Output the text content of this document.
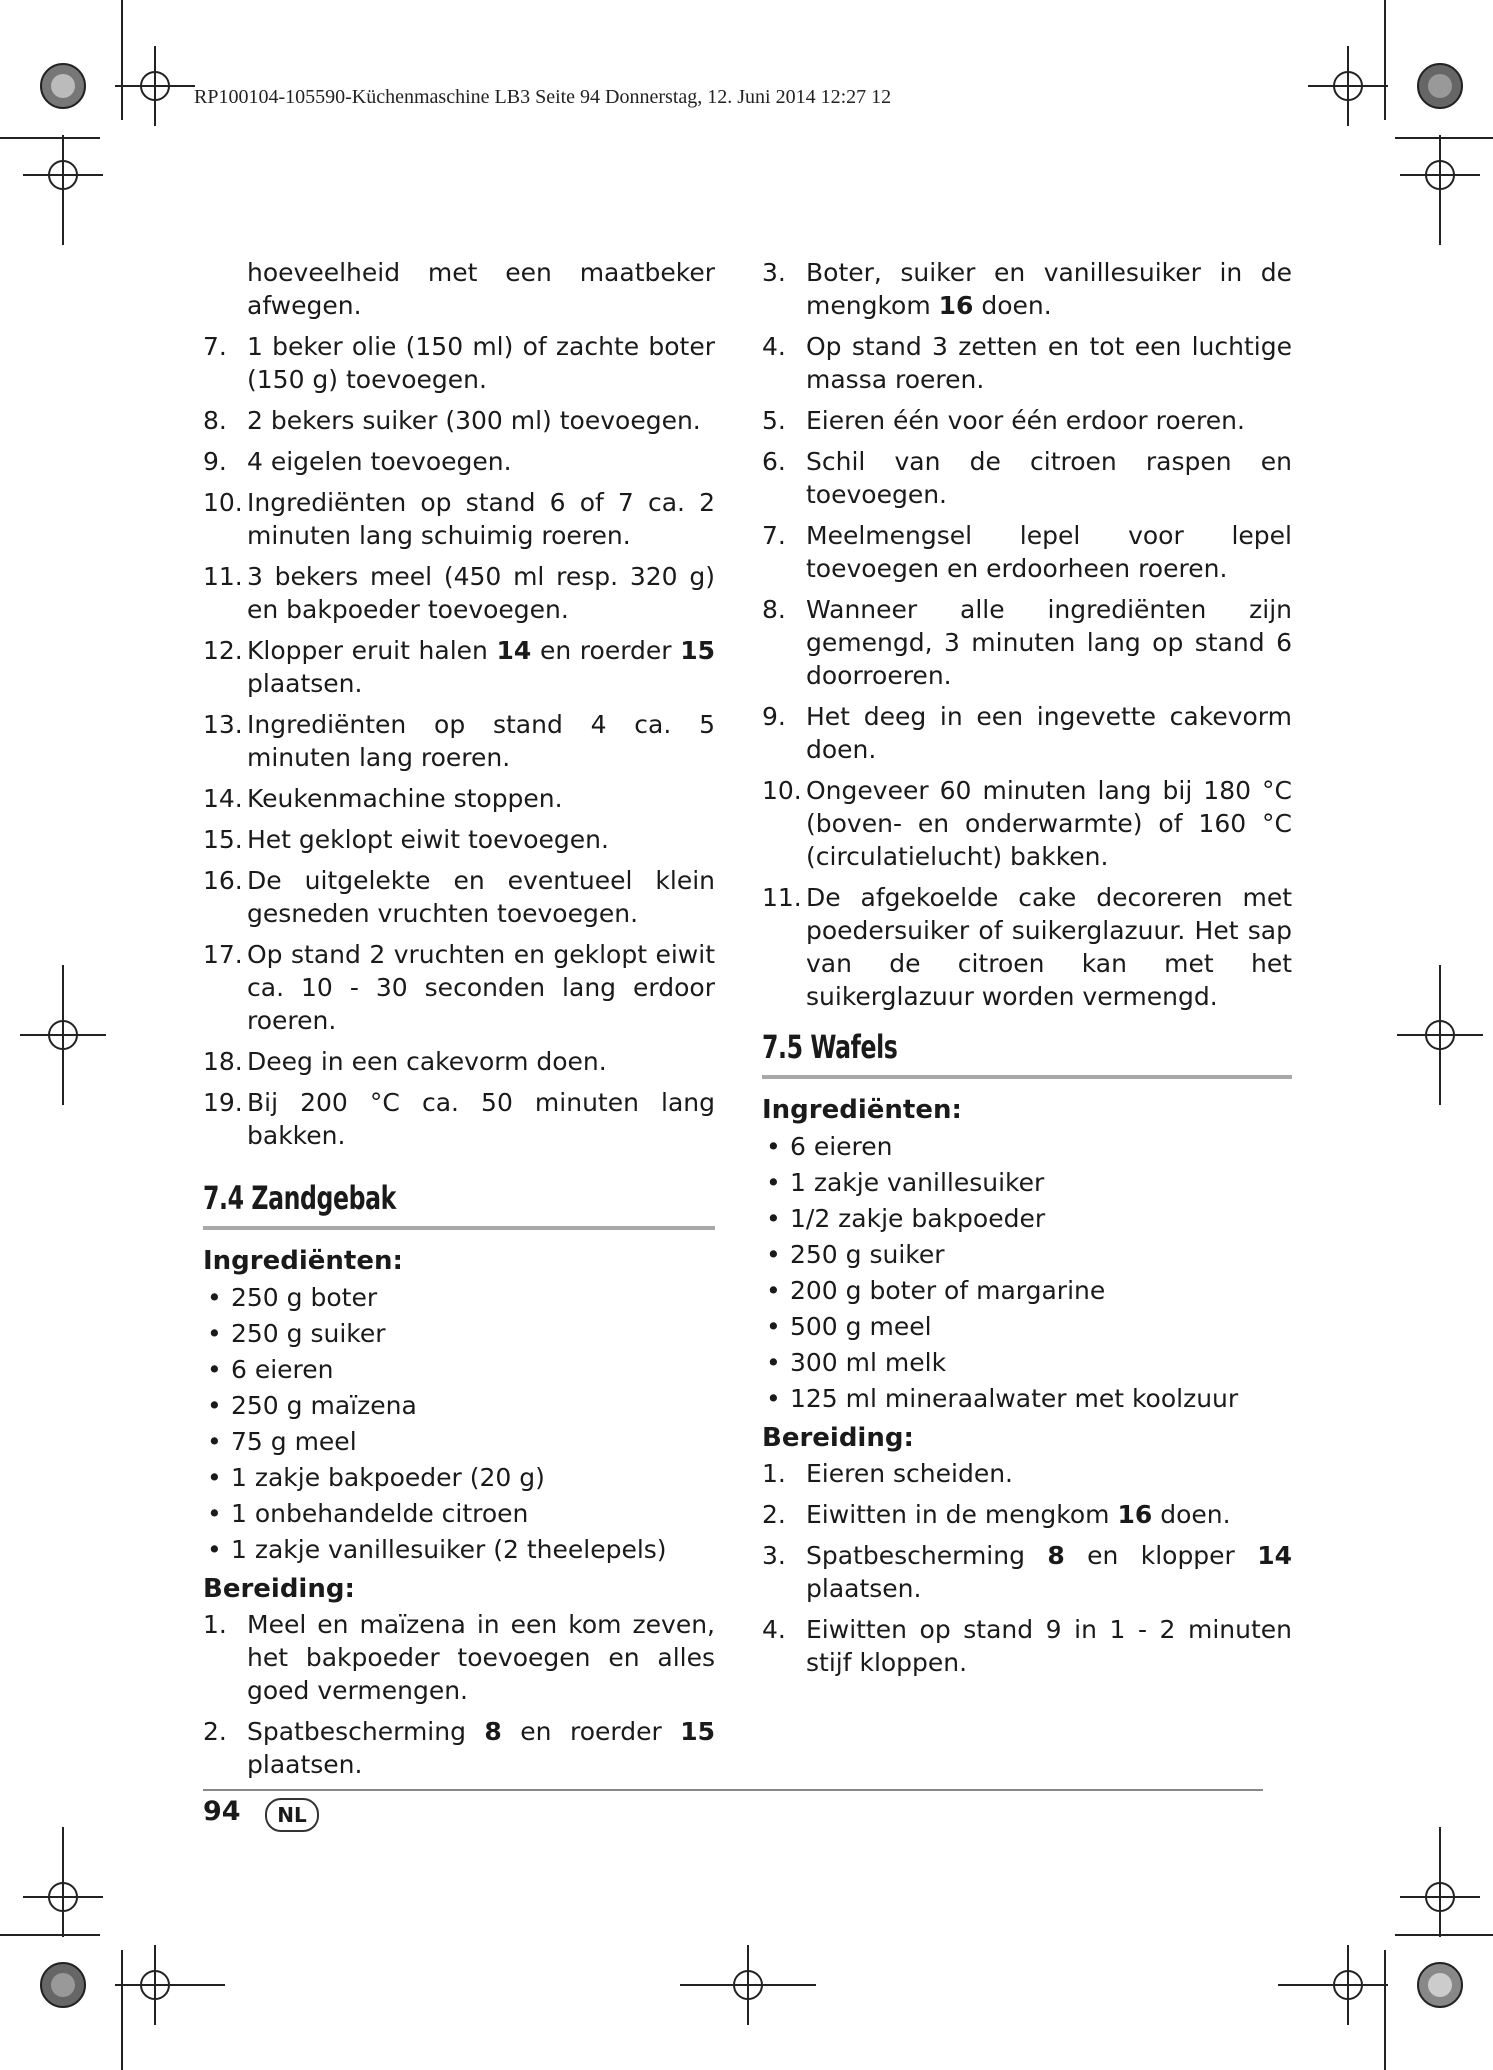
RP100104-105590-Küchenmaschine LB3 Seite 94 Donnerstag, 12. Juni 2014 12:27 12
hoeveelheid met een maatbeker afwegen.
7. 1 beker olie (150 ml) of zachte boter (150 g) toevoegen.
8. 2 bekers suiker (300 ml) toevoegen.
9. 4 eigelen toevoegen.
10. Ingrediënten op stand 6 of 7 ca. 2 minuten lang schuimig roeren.
11. 3 bekers meel (450 ml resp. 320 g) en bakpoeder toevoegen.
12. Klopper eruit halen 14 en roerder 15 plaatsen.
13. Ingrediënten op stand 4 ca. 5 minuten lang roeren.
14. Keukenmachine stoppen.
15. Het geklopt eiwit toevoegen.
16. De uitgelekte en eventueel klein gesneden vruchten toevoegen.
17. Op stand 2 vruchten en geklopt eiwit ca. 10 - 30 seconden lang erdoor roeren.
18. Deeg in een cakevorm doen.
19. Bij 200 °C ca. 50 minuten lang bakken.
7.4 Zandgebak
Ingrediënten:
• 250 g boter
• 250 g suiker
• 6 eieren
• 250 g maïzena
• 75 g meel
• 1 zakje bakpoeder (20 g)
• 1 onbehandelde citroen
• 1 zakje vanillesuiker (2 theelepels)
Bereiding:
1. Meel en maïzena in een kom zeven, het bakpoeder toevoegen en alles goed vermengen.
2. Spatbescherming 8 en roerder 15 plaatsen.
3. Boter, suiker en vanillesuiker in de mengkom 16 doen.
4. Op stand 3 zetten en tot een luchtige massa roeren.
5. Eieren één voor één erdoor roeren.
6. Schil van de citroen raspen en toevoegen.
7. Meelmengsel lepel voor lepel toevoegen en erdoorheen roeren.
8. Wanneer alle ingrediënten zijn gemengd, 3 minuten lang op stand 6 doorroeren.
9. Het deeg in een ingevette cakevorm doen.
10. Ongeveer 60 minuten lang bij 180 °C (boven- en onderwarmte) of 160 °C (circulatielucht) bakken.
11. De afgekoelde cake decoreren met poedersuiker of suikerglazuur. Het sap van de citroen kan met het suikerglazuur worden vermengd.
7.5 Wafels
Ingrediënten:
• 6 eieren
• 1 zakje vanillesuiker
• 1/2 zakje bakpoeder
• 250 g suiker
• 200 g boter of margarine
• 500 g meel
• 300 ml melk
• 125 ml mineraalwater met koolzuur
Bereiding:
1. Eieren scheiden.
2. Eiwitten in de mengkom 16 doen.
3. Spatbescherming 8 en klopper 14 plaatsen.
4. Eiwitten op stand 9 in 1 - 2 minuten stijf kloppen.
94	NL
